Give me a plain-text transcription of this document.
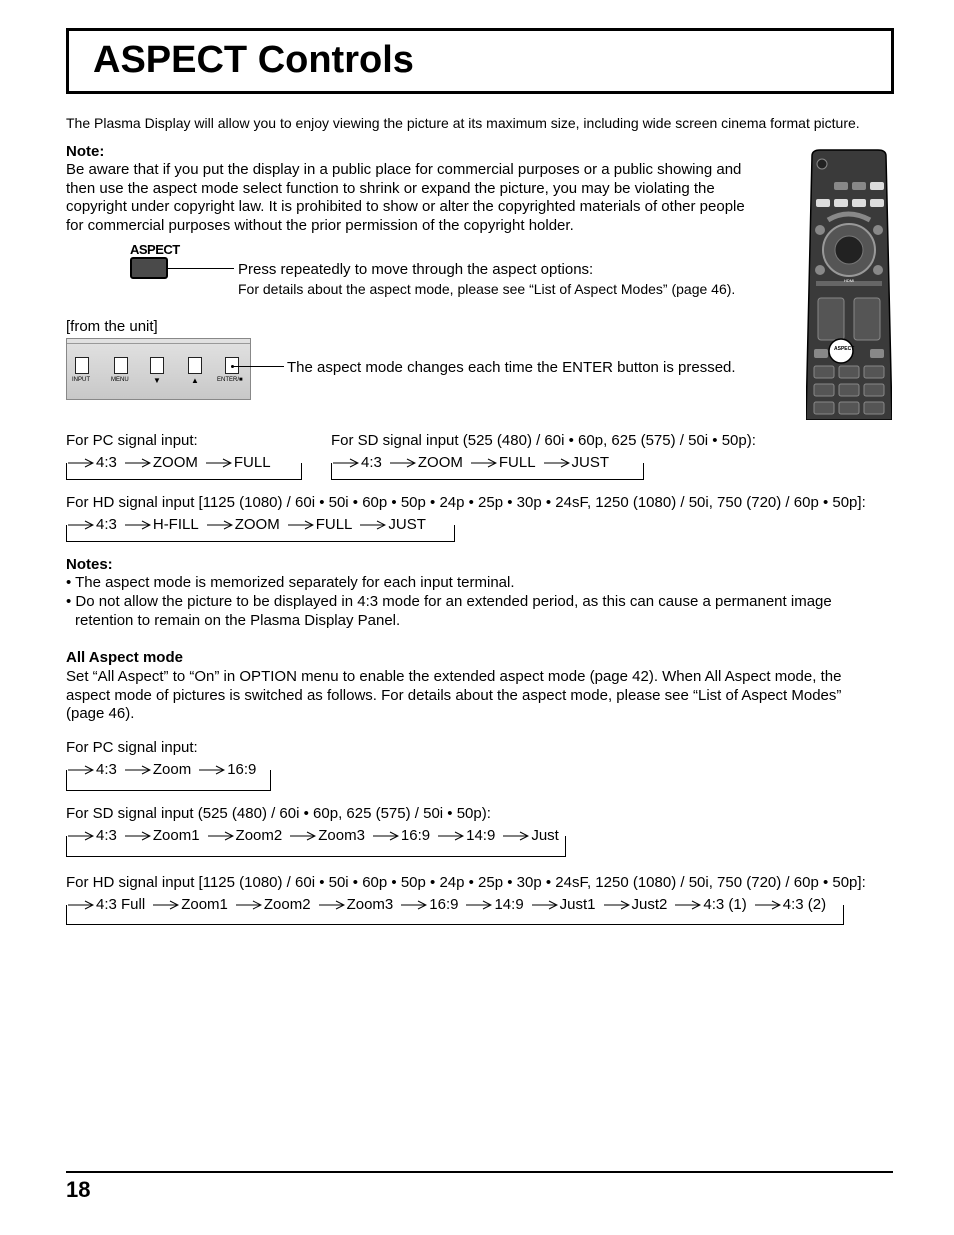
ASPECT Controls
The Plasma Display will allow you to enjoy viewing the picture at its maximum size, including wide screen cinema format picture.
Note:
Be aware that if you put the display in a public place for commercial purposes or a public showing and
then use the aspect mode select function to shrink or expand the picture, you may be violating the
copyright under copyright law. It is prohibited to show or alter the copyrighted materials of other people
for commercial purposes without the prior permission of the copyright holder.
ASPECT
Press repeatedly to move through the aspect options:
For details about the aspect mode, please see “List of Aspect Modes” (page 46).
HDMI
ASPECT
[from the unit]
INPUT	MENU	▼	▲	ENTER/■
The aspect mode changes each time the ENTER button is pressed.
For PC signal input:
4:3 ZOOM FULL
For SD signal input (525 (480) / 60i • 60p, 625 (575) / 50i • 50p):
4:3 ZOOM FULL JUST
For HD signal input [1125 (1080) / 60i • 50i • 60p • 50p • 24p • 25p • 30p • 24sF, 1250 (1080) / 50i, 750 (720) / 60p • 50p]:
4:3 H-FILL ZOOM FULL JUST
Notes:
• The aspect mode is memorized separately for each input terminal.
• Do not allow the picture to be displayed in 4:3 mode for an extended period, as this can cause a permanent image
retention to remain on the Plasma Display Panel.
All Aspect mode
Set “All Aspect” to “On” in OPTION menu to enable the extended aspect mode (page 42). When All Aspect mode, the
aspect mode of pictures is switched as follows. For details about the aspect mode, please see “List of Aspect Modes”
(page 46).
For PC signal input:
4:3 Zoom 16:9
For SD signal input (525 (480) / 60i • 60p, 625 (575) / 50i • 50p):
4:3 Zoom1 Zoom2 Zoom3 16:9 14:9 Just
For HD signal input [1125 (1080) / 60i • 50i • 60p • 50p • 24p • 25p • 30p • 24sF, 1250 (1080) / 50i, 750 (720) / 60p • 50p]:
4:3 Full Zoom1 Zoom2 Zoom3 16:9 14:9 Just1 Just2 4:3 (1) 4:3 (2)
18
